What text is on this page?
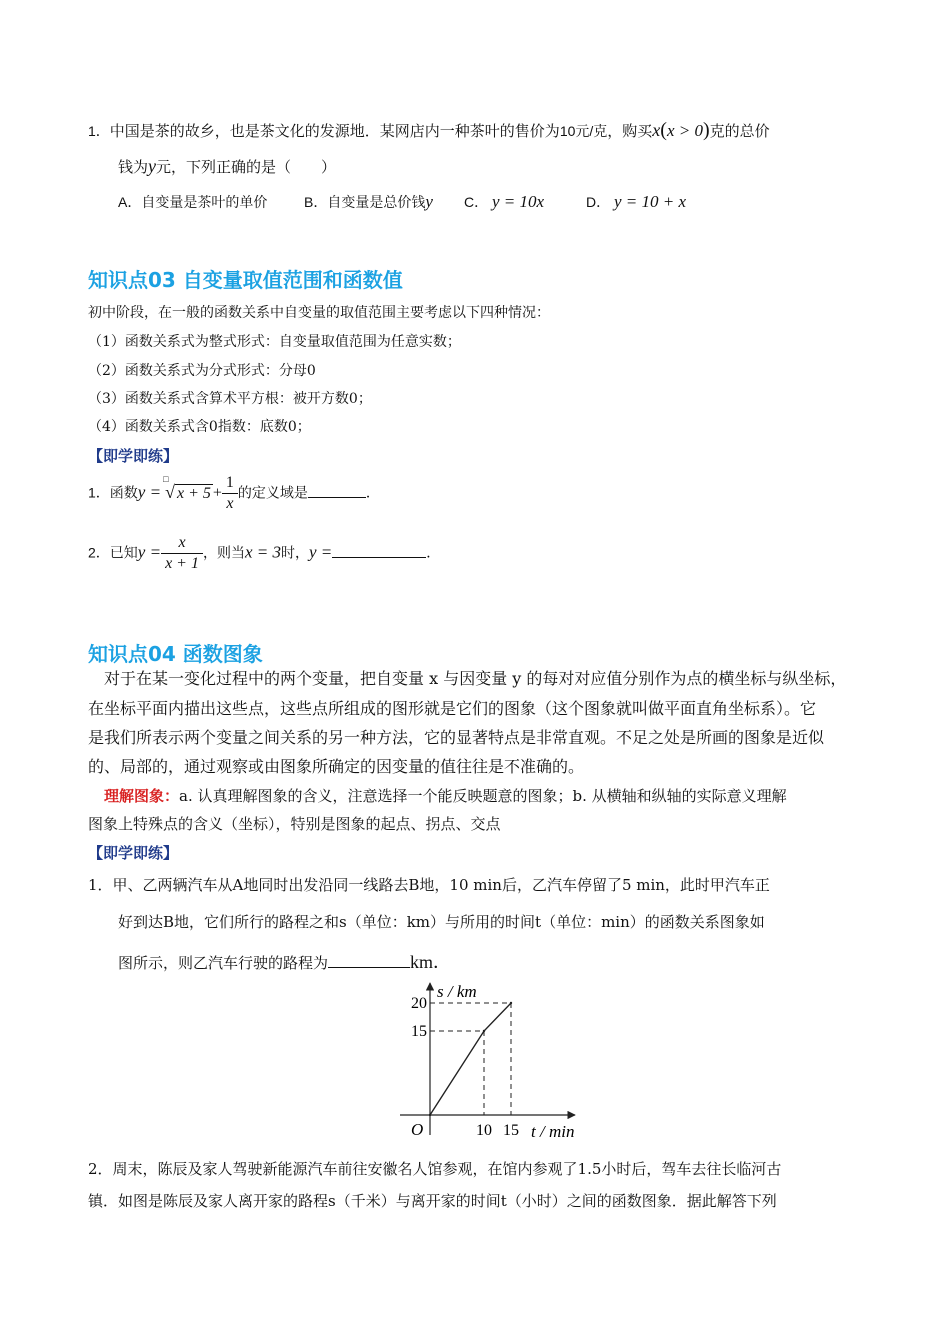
1．中国是茶的故乡，也是茶文化的发源地．某网店内一种茶叶的售价为10元/克，购买x(x > 0)克的总价
钱为y元，下列正确的是（　　）
A．自变量是茶叶的单价	B．自变量是总价钱y C． y = 10x	D． y = 10 + x
知识点03 自变量取值范围和函数值
初中阶段，在一般的函数关系中自变量的取值范围主要考虑以下四种情况：
（1）函数关系式为整式形式：自变量取值范围为任意实数；
（2）函数关系式为分式形式：分母0
（3）函数关系式含算术平方根：被开方数0；
（4）函数关系式含0指数：底数0；
【即学即练】
1．函数y =
□
√ $x + 5 + \frac{1}{x}$ 的定义域是	．
2．已知$y = \frac{x}{x + 1}$ ，则当x = 3时，y =	．
知识点04 函数图象
对于在某一变化过程中的两个变量，把自变量 x 与因变量 y 的每对对应值分别作为点的横坐标与纵坐标，
在坐标平面内描出这些点，这些点所组成的图形就是它们的图象（这个图象就叫做平面直角坐标系）。它
是我们所表示两个变量之间关系的另一种方法，它的显著特点是非常直观。不足之处是所画的图象是近似
的、局部的，通过观察或由图象所确定的因变量的值往往是不准确的。
理解图象：a. 认真理解图象的含义，注意选择一个能反映题意的图象；b. 从横轴和纵轴的实际意义理解
图象上特殊点的含义（坐标），特别是图象的起点、拐点、交点
【即学即练】
1．甲、乙两辆汽车从A地同时出发沿同一线路去B地，10 min后，乙汽车停留了5 min，此时甲汽车正
好到达B地，它们所行的路程之和s（单位：km）与所用的时间t（单位：min）的函数关系图象如
图所示，则乙汽车行驶的路程为	km．
s / km
t / min
O	10 15
15
20
2．周末，陈辰及家人驾驶新能源汽车前往安徽名人馆参观，在馆内参观了1.5小时后，驾车去往长临河古
镇．如图是陈辰及家人离开家的路程s（千米）与离开家的时间t（小时）之间的函数图象．据此解答下列
